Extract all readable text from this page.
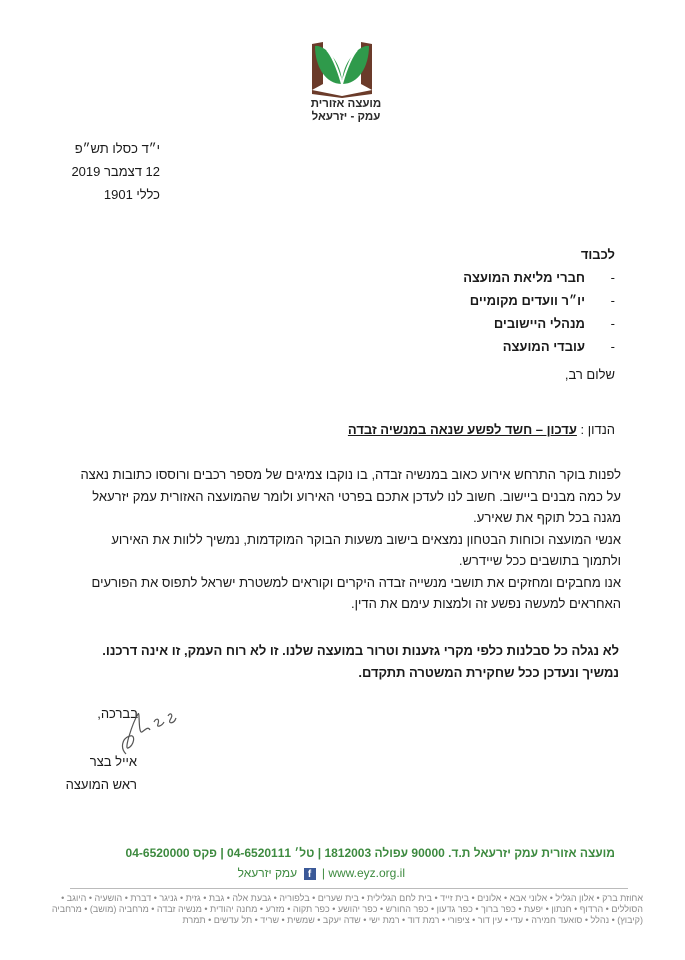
מועצה אזורית
עמק - יזרעאל
י״ד כסלו תש״פ
12 דצמבר 2019
כללי 1901
לכבוד
-חברי מליאת המועצה
-יו״ר וועדים מקומיים
-מנהלי היישובים
-עובדי המועצה
שלום רב,
הנדון : עדכון – חשד לפשע שנאה במנשיה זבדה

לפנות בוקר התרחש אירוע כאוב במנשיה זבדה, בו נוקבו צמיגים של מספר רכבים ורוססו כתובות נאצה על כמה מבנים ביישוב. חשוב לנו לעדכן אתכם בפרטי האירוע ולומר שהמועצה האזורית עמק יזרעאל מגנה בכל תוקף את שאירע.

אנשי המועצה וכוחות הבטחון נמצאים בישוב משעות הבוקר המוקדמות, נמשיך ללוות את האירוע ולתמוך בתושבים ככל שיידרש.

אנו מחבקים ומחזקים את תושבי מנשייה זבדה היקרים וקוראים למשטרת ישראל לתפוס את הפורעים האחראים למעשה נפשע זה ולמצות עימם את הדין.

לא נגלה כל סבלנות כלפי מקרי גזענות וטרור במועצה שלנו. זו לא רוח העמק, זו אינה דרכנו.

נמשיך ונעדכן ככל שחקירת המשטרה תתקדם.

בברכה,
אייל בצר
ראש המועצה
מועצה אזורית עמק יזרעאל ת.ד. 90000 עפולה 1812003 | טל׳ 04-6520111 | פקס 04-6520000
www.eyz.org.il | f עמק יזרעאל
אחוזת ברק • אלון הגליל • אלוני אבא • אלונים • בית זייד • בית לחם הגלילית • בית שערים • בלפוריה • גבעת אלה • גבת • גזית • גניגר • דברת • הושעיה • היוגב • הסוללים • הרדוף • חנתון • יפעת • כפר ברוך • כפר גדעון • כפר החורש • כפר יהושע • כפר תקוה • מזרע • מחנה יהודית • מנשיה זבדה • מרחביה (מושב) • מרחביה (קיבוץ) • נהלל • סואעד חמירה • עדי • עין דור • ציפורי • רמת דוד • רמת ישי • שדה יעקב • שמשית • שריד • תל עדשים • תמרת
